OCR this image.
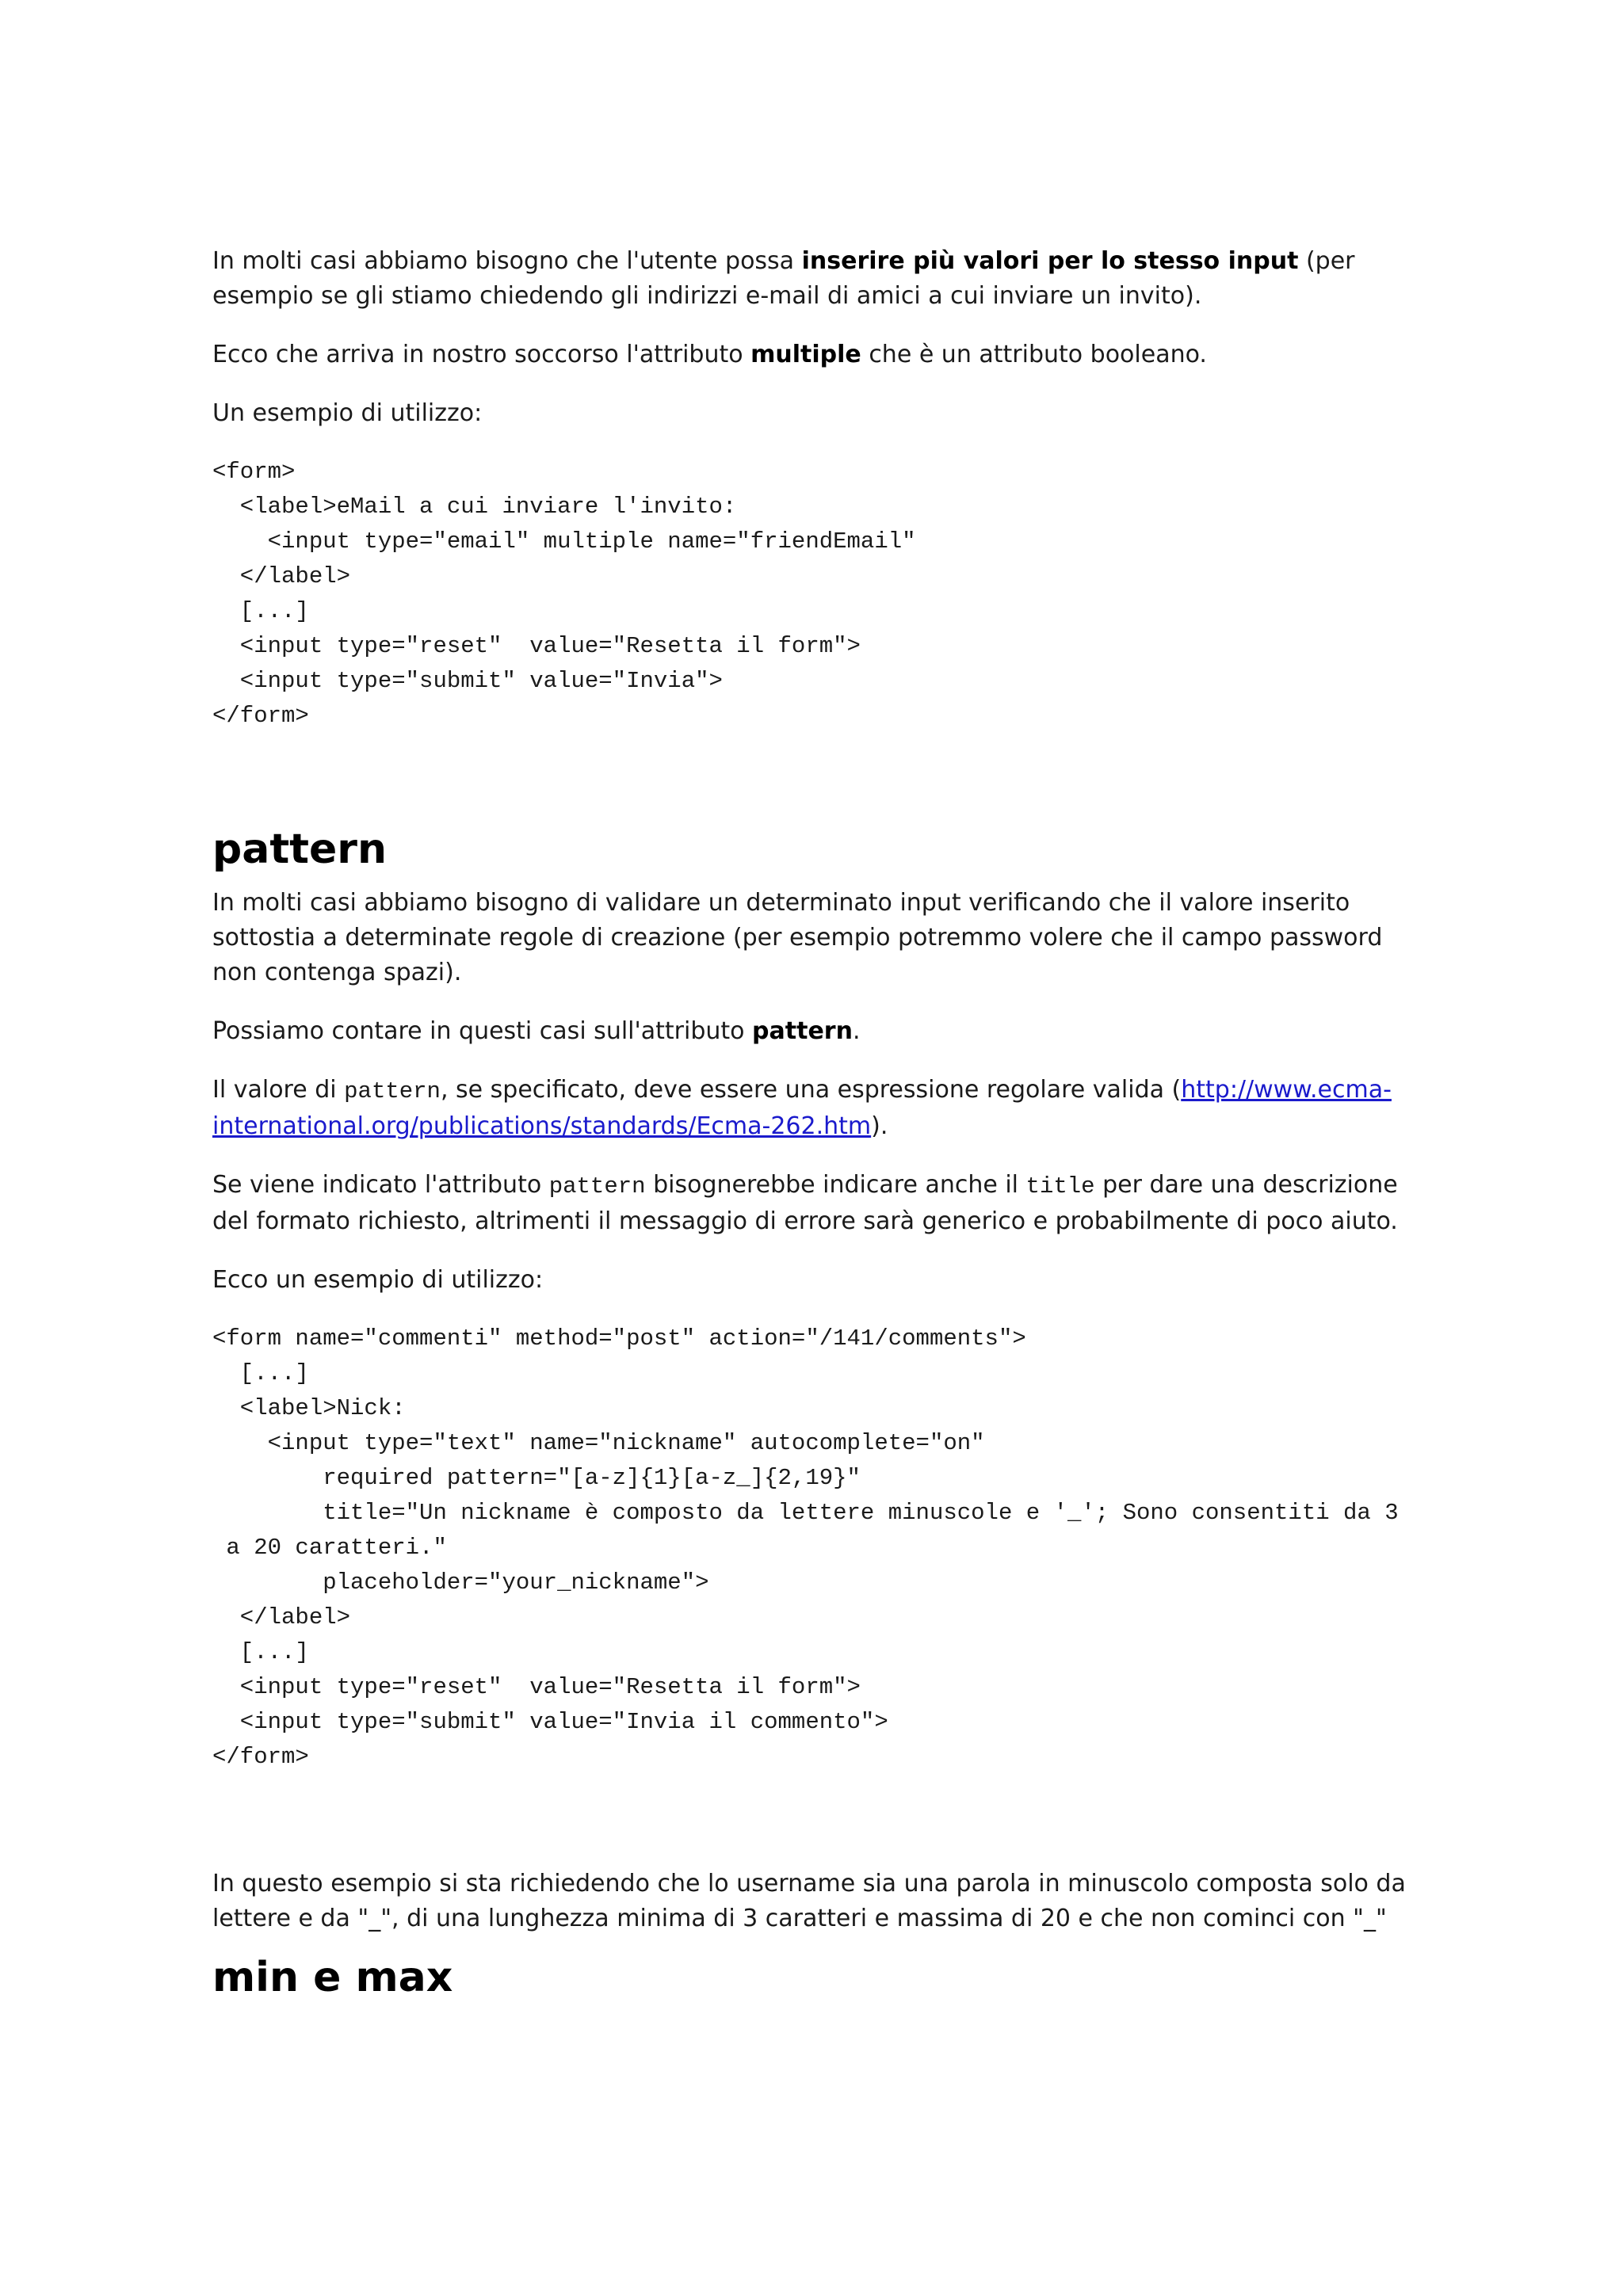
In molti casi abbiamo bisogno che l'utente possa inserire più valori per lo stesso input (per esempio se gli stiamo chiedendo gli indirizzi e-mail di amici a cui inviare un invito).

Ecco che arriva in nostro soccorso l'attributo multiple che è un attributo booleano.

Un esempio di utilizzo:

<form>
<label>eMail a cui inviare l'invito:
<input type="email" multiple name="friendEmail"
</label>
[...]
<input type="reset"  value="Resetta il form">
<input type="submit" value="Invia">
</form>
pattern

In molti casi abbiamo bisogno di validare un determinato input verificando che il valore inserito sottostia a determinate regole di creazione (per esempio potremmo volere che il campo password non contenga spazi).

Possiamo contare in questi casi sull'attributo pattern.

Il valore di pattern, se specificato, deve essere una espressione regolare valida (http://www.ecma-international.org/publications/standards/Ecma-262.htm).

Se viene indicato l'attributo pattern bisognerebbe indicare anche il title per dare una descrizione del formato richiesto, altrimenti il messaggio di errore sarà generico e probabilmente di poco aiuto.

Ecco un esempio di utilizzo:

<form name="commenti" method="post" action="/141/comments">
[...]
<label>Nick:
<input type="text" name="nickname" autocomplete="on"
required pattern="[a-z]{1}[a-z_]{2,19}"
title="Un nickname è composto da lettere minuscole e '_'; Sono consentiti da 3
a 20 caratteri."
placeholder="your_nickname">
</label>
[...]
<input type="reset"  value="Resetta il form">
<input type="submit" value="Invia il commento">
</form>

In questo esempio si sta richiedendo che lo username sia una parola in minuscolo composta solo da lettere e da "_", di una lunghezza minima di 3 caratteri e massima di 20 e che non cominci con "_"

min e max
